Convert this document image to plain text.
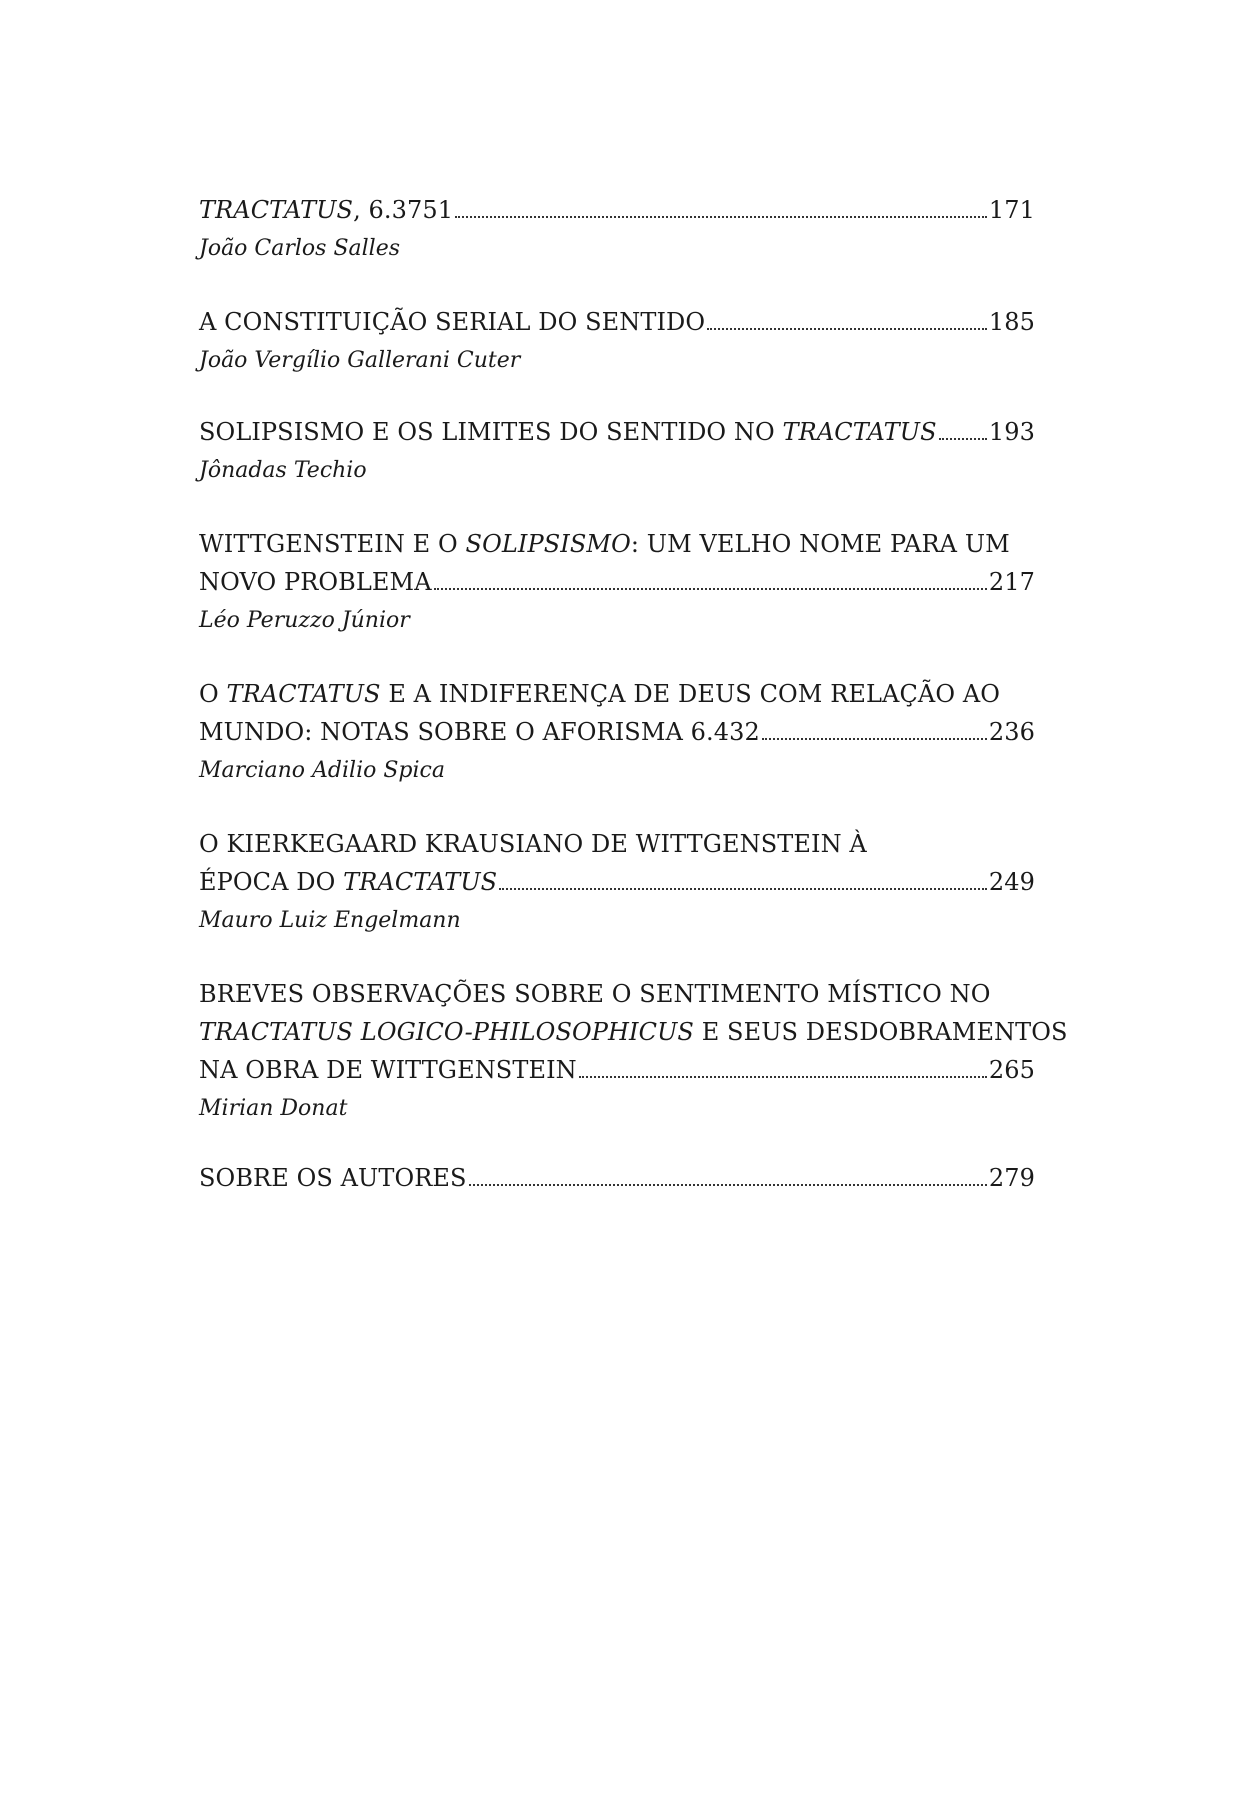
TRACTATUS, 6.3751	171

João Carlos Salles

A CONSTITUIÇÃO SERIAL DO SENTIDO	185

João Vergílio Gallerani Cuter

SOLIPSISMO E OS LIMITES DO SENTIDO NO TRACTATUS 193

Jônadas Techio

WITTGENSTEIN E O SOLIPSISMO: UM VELHO NOME PARA UM
NOVO PROBLEMA	217

Léo Peruzzo Júnior

O TRACTATUS E A INDIFERENÇA DE DEUS COM RELAÇÃO AO
MUNDO: NOTAS SOBRE O AFORISMA 6.432	236

Marciano Adilio Spica

O KIERKEGAARD KRAUSIANO DE WITTGENSTEIN À
ÉPOCA DO TRACTATUS	249

Mauro Luiz Engelmann

BREVES OBSERVAÇÕES SOBRE O SENTIMENTO MÍSTICO NO
TRACTATUS LOGICO-PHILOSOPHICUS E SEUS DESDOBRAMENTOS
NA OBRA DE WITTGENSTEIN	265

Mirian Donat

SOBRE OS AUTORES	279
